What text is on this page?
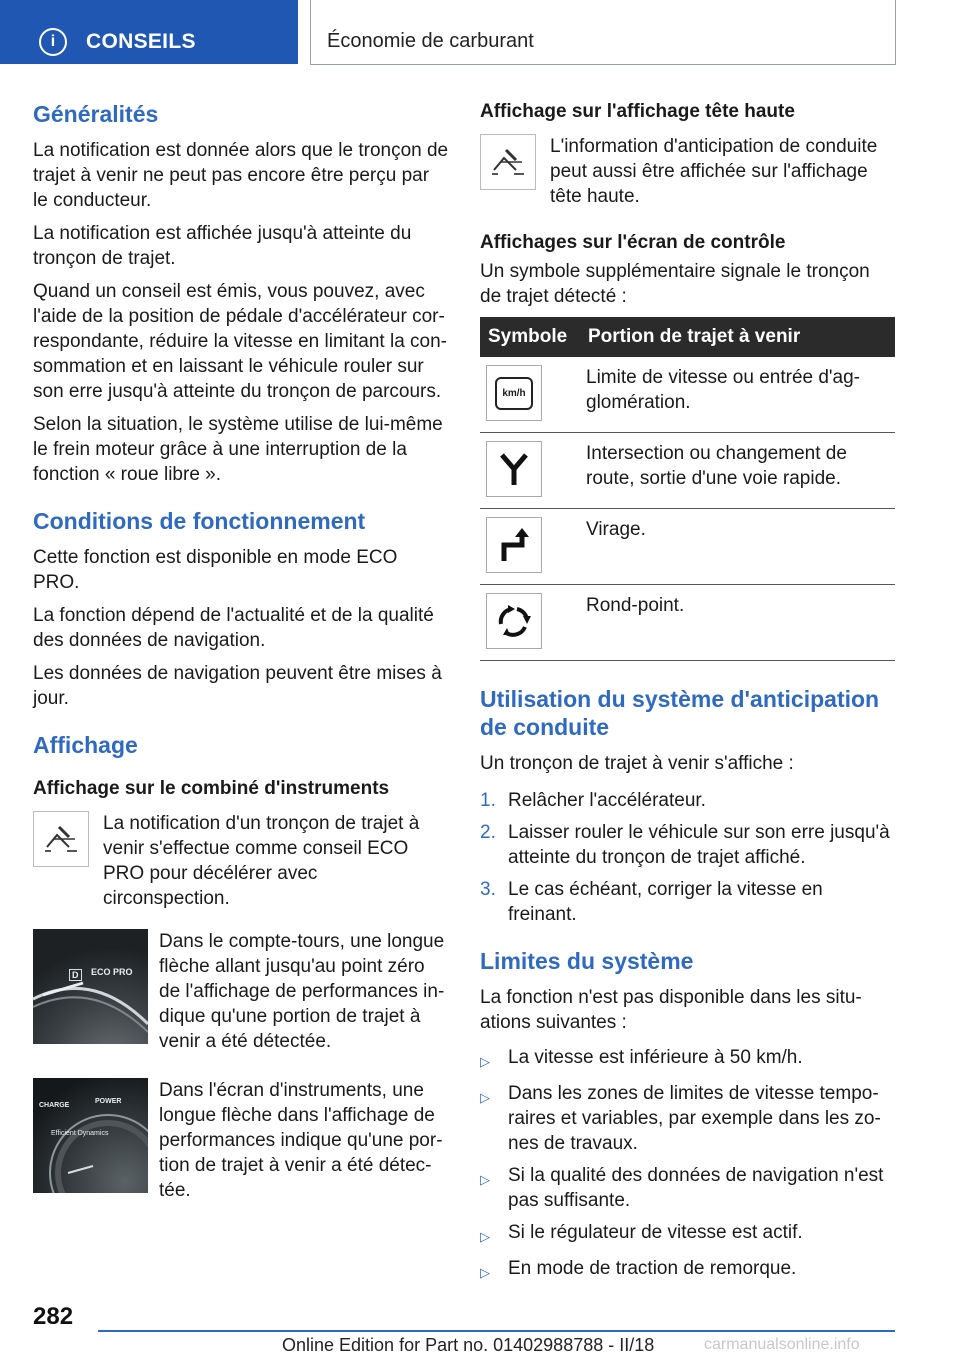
i	CONSEILS	Économie de carburant
Généralités

La notification est donnée alors que le tronçon de trajet à venir ne peut pas encore être perçu par le conducteur.

La notification est affichée jusqu'à atteinte du tronçon de trajet.

Quand un conseil est émis, vous pouvez, avec l'aide de la position de pédale d'accélérateur cor‐respondante, réduire la vitesse en limitant la con‐sommation et en laissant le véhicule rouler sur son erre jusqu'à atteinte du tronçon de parcours.

Selon la situation, le système utilise de lui-même le frein moteur grâce à une interruption de la fonction « roue libre ».

Conditions de fonctionnement

Cette fonction est disponible en mode ECO PRO.

La fonction dépend de l'actualité et de la qualité des données de navigation.

Les données de navigation peuvent être mises à jour.

Affichage
Affichage sur le combiné d'instruments

La notification d'un tronçon de trajet à venir s'effectue comme conseil ECO PRO pour décélérer avec circonspection.

D	ECO PRO

Dans le compte-tours, une longue flèche allant jusqu'au point zéro de l'affichage de performances in‐dique qu'une portion de trajet à venir a été détectée.

CHARGE
POWER
Efficient Dynamics

Dans l'écran d'instruments, une longue flèche dans l'affichage de performances indique qu'une por‐tion de trajet à venir a été détec‐tée.

Affichage sur l'affichage tête haute

L'information d'anticipation de conduite peut aussi être affichée sur l'affichage tête haute.

Affichages sur l'écran de contrôle

Un symbole supplémentaire signale le tronçon de trajet détecté :

Symbole	Portion de trajet à venir

km/h	Limite de vitesse ou entrée d'ag‐glomération.

	Intersection ou changement de route, sortie d'une voie rapide.

	Virage.

	Rond-point.
Utilisation du système d'anticipation de conduite

Un tronçon de trajet à venir s'affiche :

1. Relâcher l'accélérateur.
2. Laisser rouler le véhicule sur son erre jusqu'à atteinte du tronçon de trajet affiché.
3. Le cas échéant, corriger la vitesse en freinant.
Limites du système

La fonction n'est pas disponible dans les situ‐ations suivantes :

▷ La vitesse est inférieure à 50 km/h.
▷ Dans les zones de limites de vitesse tempo‐raires et variables, par exemple dans les zo‐nes de travaux.
▷ Si la qualité des données de navigation n'est pas suffisante.
▷ Si le régulateur de vitesse est actif.
▷ En mode de traction de remorque.
282
Online Edition for Part no. 01402988788 - II/18	carmanualsonline.info
